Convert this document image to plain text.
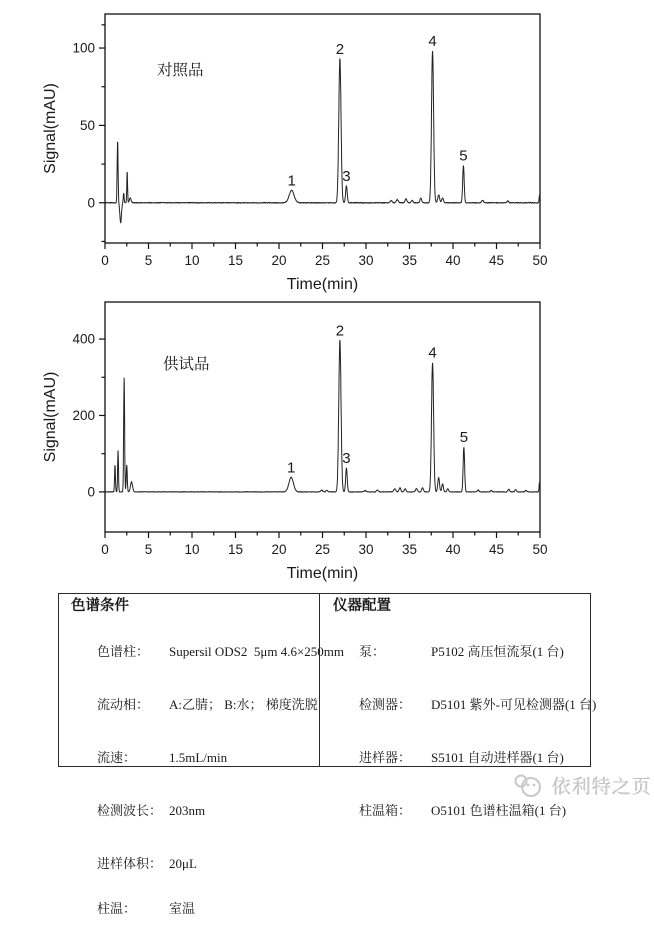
0	5 10 15 20 25 30 35 40 45 50
0
50
100
Time(min)
Signal(mAU)
对照品
1
2
3
4
5
0	5 10 15 20 25 30 35 40 45 50
0
200
400
Time(min)
Signal(mAU)
供试品
1
2
3
4
5
色谱条件

色谱柱： Supersil ODS2  5μm 4.6×250mm

流动相： A:乙腈； B:水； 梯度洗脱

流速：	1.5mL/min

检测波长： 203nm

进样体积： 20μL

柱温：	室温

仪器配置

泵：	P5102 高压恒流泵(1 台)

检测器： D5101 紫外-可见检测器(1 台)

进样器： S5101 自动进样器(1 台)

柱温箱： O5101 色谱柱温箱(1 台)

依利特之页
